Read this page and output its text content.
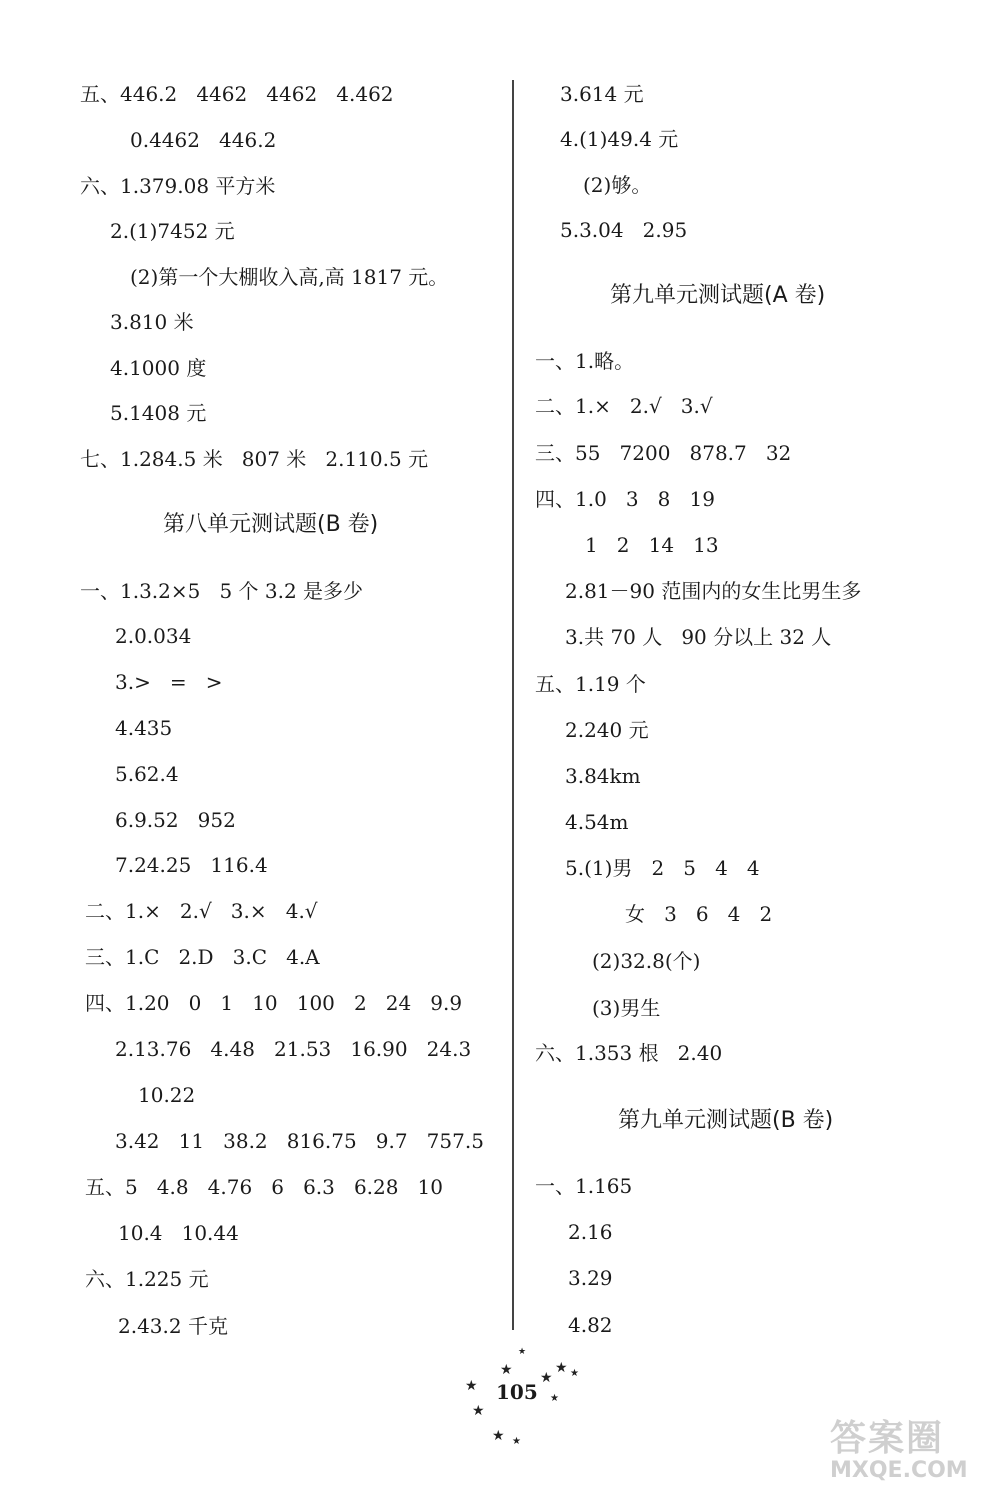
五、446.2   4462   4462   4.462
0.4462   446.2
六、1.379.08 平方米
2.(1)7452 元
(2)第一个大棚收入高,高 1817 元。
3.810 米
4.1000 度
5.1408 元
七、1.284.5 米   807 米   2.110.5 元
第八单元测试题(B 卷)
一、1.3.2×5   5 个 3.2 是多少
2.0.034
3.>   =   >
4.435
5.62.4
6.9.52   952
7.24.25   116.4
二、1.×   2.√   3.×   4.√
三、1.C   2.D   3.C   4.A
四、1.20   0   1   10   100   2   24   9.9
2.13.76   4.48   21.53   16.90   24.3
10.22
3.42   11   38.2   816.75   9.7   757.5
五、5   4.8   4.76   6   6.3   6.28   10
10.4   10.44
六、1.225 元
2.43.2 千克
3.614 元
4.(1)49.4 元
(2)够。
5.3.04   2.95
第九单元测试题(A 卷)
一、1.略。
二、1.×   2.√   3.√
三、55   7200   878.7   32
四、1.0   3   8   19
1   2   14   13
2.81－90 范围内的女生比男生多
3.共 70 人   90 分以上 32 人
五、1.19 个
2.240 元
3.84km
4.54m
5.(1)男   2   5   4   4
女   3   6   4   2
(2)32.8(个)
(3)男生
六、1.353 根   2.40
第九单元测试题(B 卷)
一、1.165
2.16
3.29
4.82
★
★
★
★
★ ★
★
★
★ ★
105
答案圈
MXQE.COM
